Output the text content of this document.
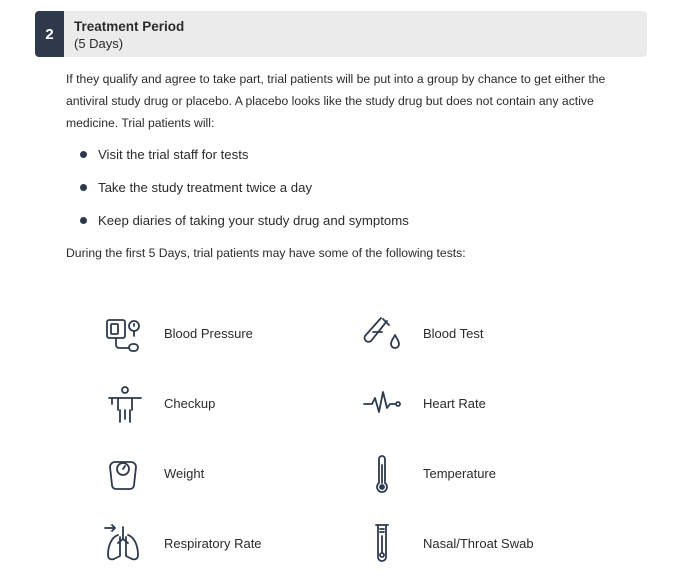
2	Treatment Period
(5 Days)
If they qualify and agree to take part, trial patients will be put into a group by chance to get either the antiviral study drug or placebo. A placebo looks like the study drug but does not contain any active medicine. Trial patients will:
Visit the trial staff for tests
Take the study treatment twice a day
Keep diaries of taking your study drug and symptoms
During the first 5 Days, trial patients may have some of the following tests:
Blood Pressure
Checkup
Weight
Respiratory Rate
Blood Test
Heart Rate
Temperature
Nasal/Throat Swab
